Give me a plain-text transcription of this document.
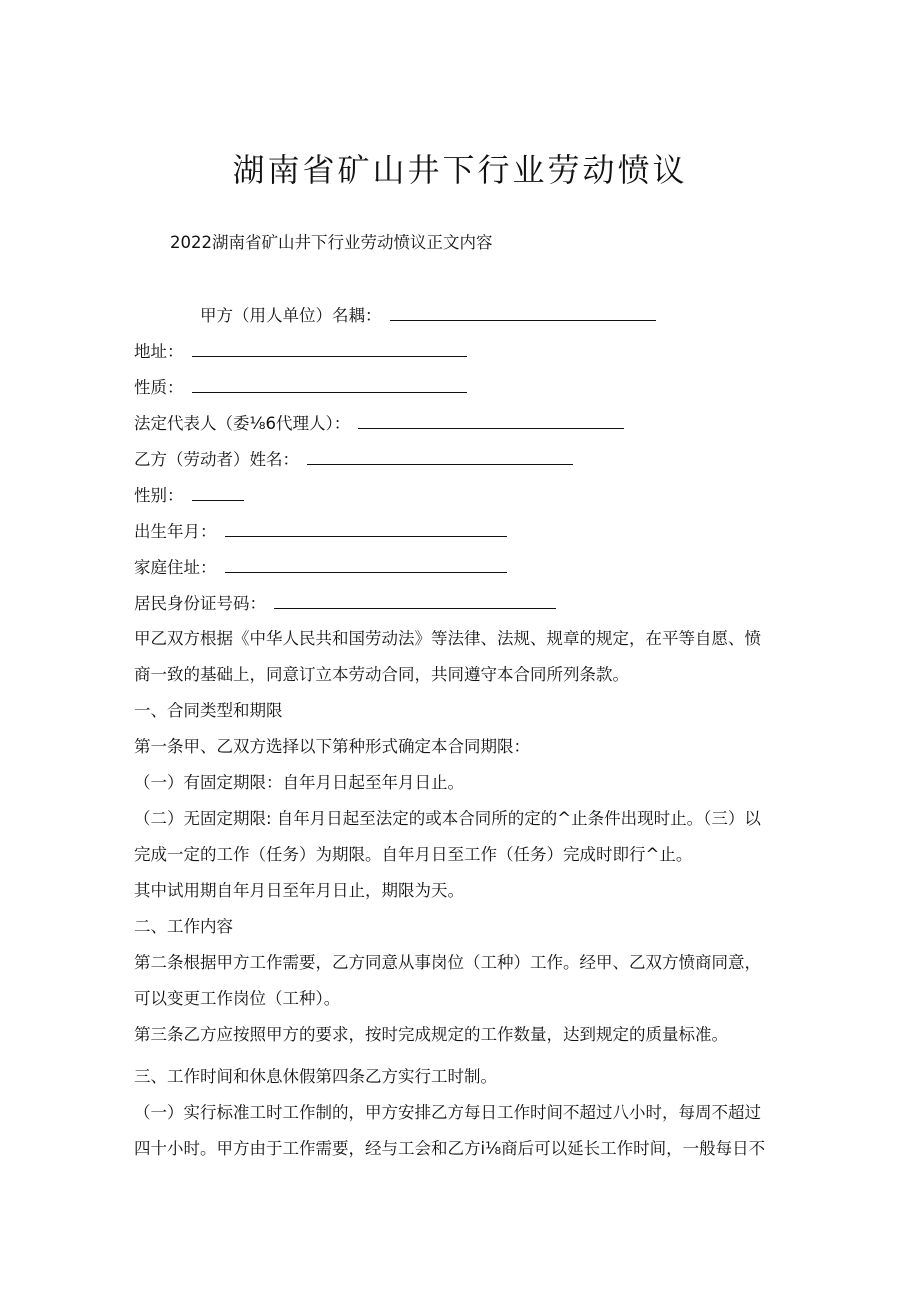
湖南省矿山井下行业劳动愤议
2022湖南省矿山井下行业劳动愤议正文内容
甲方（用人单位）名耦：
地址：
性质：
法定代表人（委⅛6代理人）：
乙方（劳动者）姓名：
性别：
出生年月：
家庭住址：
居民身份证号码：
甲乙双方根据《中华人民共和国劳动法》等法律、法规、规章的规定，在平等自愿、愤
商一致的基础上，同意订立本劳动合同，共同遵守本合同所列条款。
一、合同类型和期限
第一条甲、乙双方选择以下第种形式确定本合同期限：
（一）有固定期限：自年月日起至年月日止。
（二）无固定期限: 自年月日起至法定的或本合同所的定的^止条件出现时止。（三）以
完成一定的工作（任务）为期限。自年月日至工作（任务）完成时即行^止。
其中试用期自年月日至年月日止，期限为天。
二、工作内容
第二条根据甲方工作需要，乙方同意从事岗位（工种）工作。经甲、乙双方愤商同意，
可以变更工作岗位（工种）。
第三条乙方应按照甲方的要求，按时完成规定的工作数量，达到规定的质量标准。
三、工作时间和休息休假第四条乙方实行工时制。
（一）实行标准工时工作制的，甲方安排乙方每日工作时间不超过八小时，每周不超过
四十小时。甲方由于工作需要，经与工会和乙方i⅛商后可以延长工作时间，一般每日不
